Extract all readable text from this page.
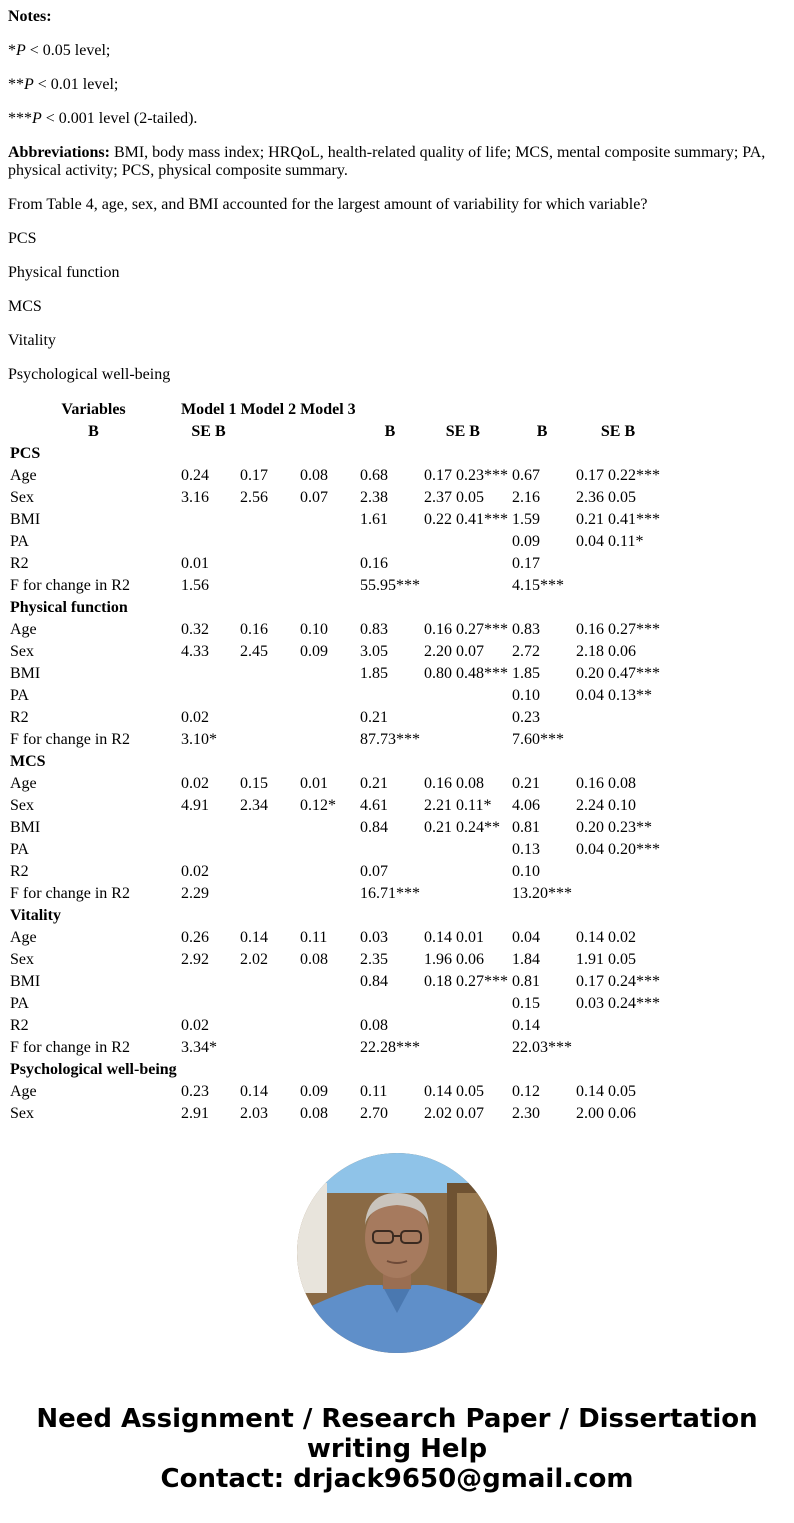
Notes:

*P < 0.05 level;

**P < 0.01 level;

***P < 0.001 level (2-tailed).

Abbreviations: BMI, body mass index; HRQoL, health-related quality of life; MCS, mental composite summary; PA, physical activity; PCS, physical composite summary.

From Table 4, age, sex, and BMI accounted for the largest amount of variability for which variable?

PCS

Physical function

MCS

Vitality

Psychological well-being

Variables	Model 1 Model 2 Model 3							
B	SE B			B	SE B		B	SE B
PCS								
Age	0.24	0.17	0.08	0.68	0.17 0.23***		0.67	0.17 0.22***
Sex	3.16	2.56	0.07	2.38	2.37 0.05		2.16	2.36 0.05
BMI				1.61	0.22 0.41***		1.59	0.21 0.41***
PA							0.09	0.04 0.11*
R2	0.01			0.16			0.17	
F for change in R2	1.56			55.95***			4.15***	
Physical function								
Age	0.32	0.16	0.10	0.83	0.16 0.27***		0.83	0.16 0.27***
Sex	4.33	2.45	0.09	3.05	2.20 0.07		2.72	2.18 0.06
BMI				1.85	0.80 0.48***		1.85	0.20 0.47***
PA							0.10	0.04 0.13**
R2	0.02			0.21			0.23	
F for change in R2	3.10*			87.73***			7.60***	
MCS								
Age	0.02	0.15	0.01	0.21	0.16 0.08		0.21	0.16 0.08
Sex	4.91	2.34	0.12*	4.61	2.21 0.11*		4.06	2.24 0.10
BMI				0.84	0.21 0.24**		0.81	0.20 0.23**
PA							0.13	0.04 0.20***
R2	0.02			0.07			0.10	
F for change in R2	2.29			16.71***			13.20***	
Vitality								
Age	0.26	0.14	0.11	0.03	0.14 0.01		0.04	0.14 0.02
Sex	2.92	2.02	0.08	2.35	1.96 0.06		1.84	1.91 0.05
BMI				0.84	0.18 0.27***		0.81	0.17 0.24***
PA							0.15	0.03 0.24***
R2	0.02			0.08			0.14	
F for change in R2	3.34*			22.28***			22.03***	
Psychological well-being								
Age	0.23	0.14	0.09	0.11	0.14 0.05		0.12	0.14 0.05
Sex	2.91	2.03	0.08	2.70	2.02 0.07		2.30	2.00 0.06
Need Assignment / Research Paper / Dissertation
writing Help
Contact: drjack9650@gmail.com
